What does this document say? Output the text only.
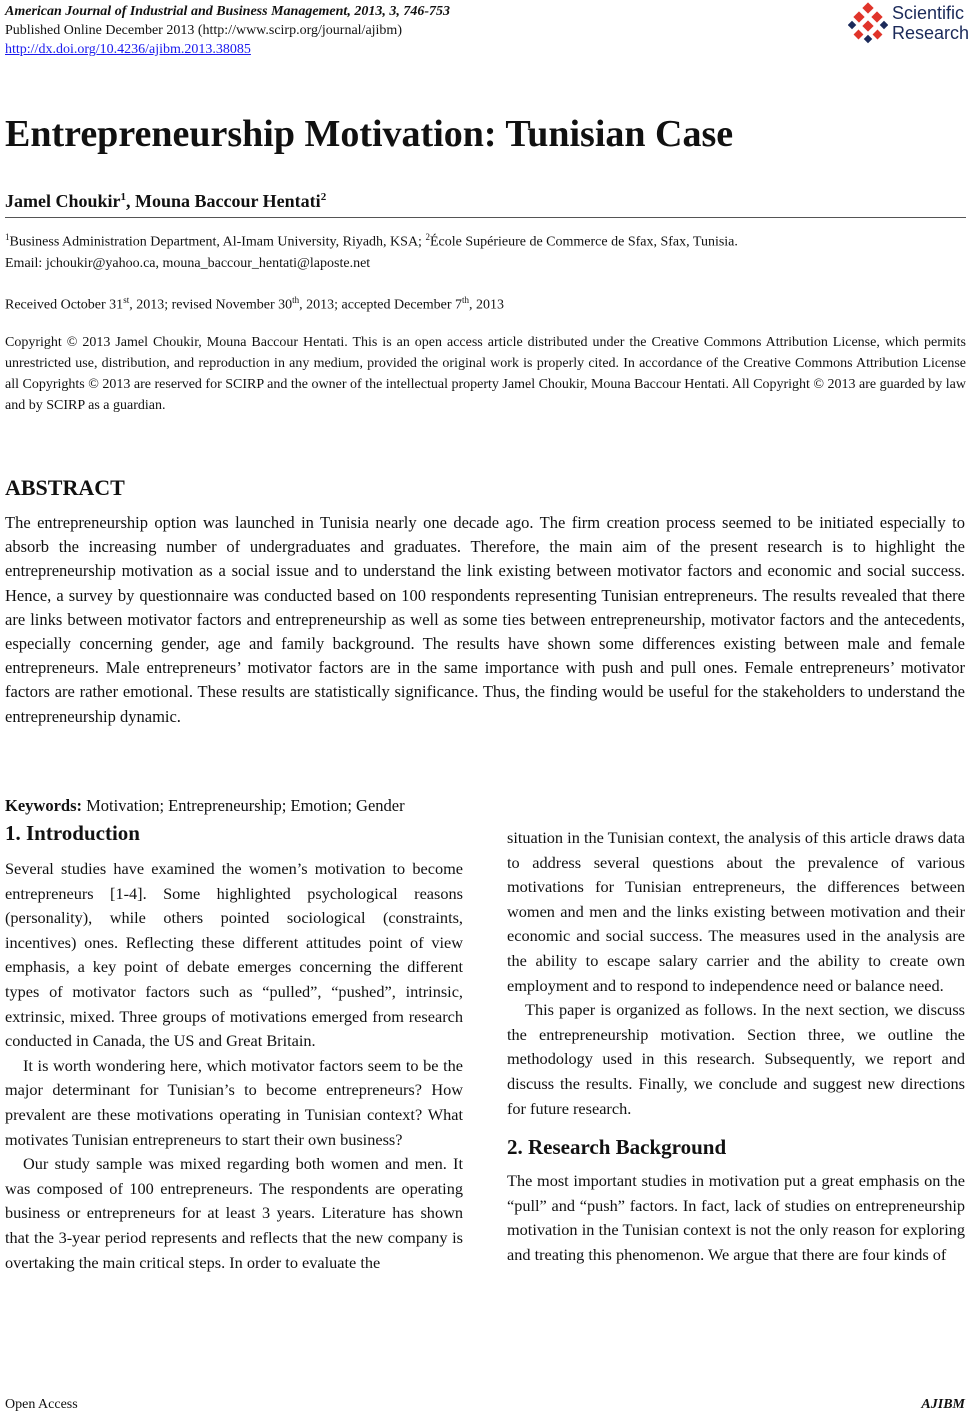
American Journal of Industrial and Business Management, 2013, 3, 746-753
Published Online December 2013 (http://www.scirp.org/journal/ajibm)
http://dx.doi.org/10.4236/ajibm.2013.38085
Scientific
Research
Entrepreneurship Motivation: Tunisian Case
Jamel Choukir$^1$, Mouna Baccour Hentati$^2$
$^1$Business Administration Department, Al-Imam University, Riyadh, KSA; $^2$École Supérieure de Commerce de Sfax, Sfax, Tunisia.
Email: jchoukir@yahoo.ca, mouna_baccour_hentati@laposte.net
Received October 31st, 2013; revised November 30th, 2013; accepted December 7th, 2013
Copyright © 2013 Jamel Choukir, Mouna Baccour Hentati. This is an open access article distributed under the Creative Commons Attribution License, which permits unrestricted use, distribution, and reproduction in any medium, provided the original work is properly cited. In accordance of the Creative Commons Attribution License all Copyrights © 2013 are reserved for SCIRP and the owner of the intellectual property Jamel Choukir, Mouna Baccour Hentati. All Copyright © 2013 are guarded by law and by SCIRP as a guardian.
ABSTRACT
The entrepreneurship option was launched in Tunisia nearly one decade ago. The firm creation process seemed to be initiated especially to absorb the increasing number of undergraduates and graduates. Therefore, the main aim of the present research is to highlight the entrepreneurship motivation as a social issue and to understand the link existing between motivator factors and economic and social success. Hence, a survey by questionnaire was conducted based on 100 respondents representing Tunisian entrepreneurs. The results revealed that there are links between motivator factors and entrepreneurship as well as some ties between entrepreneurship, motivator factors and the antecedents, especially concerning gender, age and family background. The results have shown some differences existing between male and female entrepreneurs. Male entrepreneurs’ motivator factors are in the same importance with push and pull ones. Female entrepreneurs’ motivator factors are rather emotional. These results are statistically significance. Thus, the finding would be useful for the stakeholders to understand the entrepreneurship dynamic.
Keywords: Motivation; Entrepreneurship; Emotion; Gender
1. Introduction

Several studies have examined the women’s motivation to become entrepreneurs [1-4]. Some highlighted psychological reasons (personality), while others pointed sociological (constraints, incentives) ones. Reflecting these different attitudes point of view emphasis, a key point of debate emerges concerning the different types of motivator factors such as “pulled”, “pushed”, intrinsic, extrinsic, mixed. Three groups of motivations emerged from research conducted in Canada, the US and Great Britain.

It is worth wondering here, which motivator factors seem to be the major determinant for Tunisian’s to become entrepreneurs? How prevalent are these motivations operating in Tunisian context? What motivates Tunisian entrepreneurs to start their own business?

Our study sample was mixed regarding both women and men. It was composed of 100 entrepreneurs. The respondents are operating business or entrepreneurs for at least 3 years. Literature has shown that the 3-year period represents and reflects that the new company is overtaking the main critical steps. In order to evaluate the

situation in the Tunisian context, the analysis of this article draws data to address several questions about the prevalence of various motivations for Tunisian entrepreneurs, the differences between women and men and the links existing between motivation and their economic and social success. The measures used in the analysis are the ability to escape salary carrier and the ability to create own employment and to respond to independence need or balance need.

This paper is organized as follows. In the next section, we discuss the entrepreneurship motivation. Section three, we outline the methodology used in this research. Subsequently, we report and discuss the results. Finally, we conclude and suggest new directions for future research.

2. Research Background

The most important studies in motivation put a great emphasis on the “pull” and “push” factors. In fact, lack of studies on entrepreneurship motivation in the Tunisian context is not the only reason for exploring and treating this phenomenon. We argue that there are four kinds of

Open Access	AJIBM
